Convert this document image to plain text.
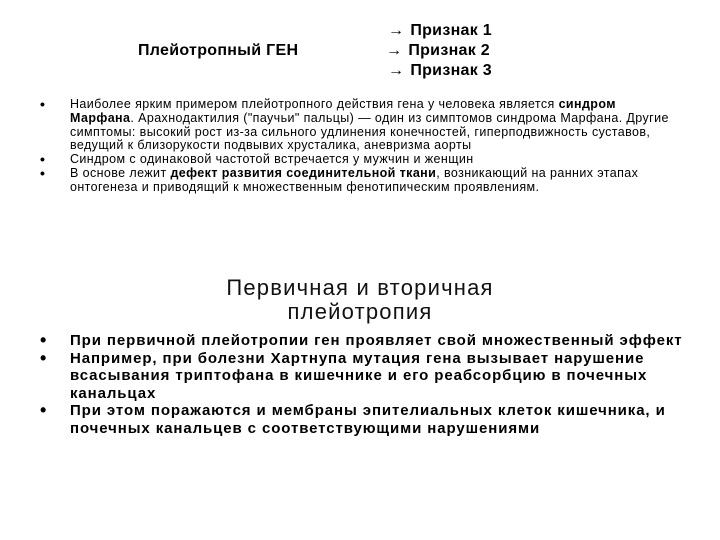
Плейотропный ГЕН
→ Признак 1
→ Признак 2
→ Признак 3
• Наиболее ярким примером плейотропного действия гена у человека является синдром Марфана. Арахнодактилия ("паучьи" пальцы) — один из симптомов синдрома Марфана. Другие симптомы: высокий рост из-за сильного удлинения конечностей, гиперподвижность суставов, ведущий к близорукости подвывих хрусталика, аневризма аорты
• Синдром с одинаковой частотой встречается у мужчин и женщин
• В основе лежит дефект развития соединительной ткани, возникающий на ранних этапах онтогенеза и приводящий к множественным фенотипическим проявлениям.
Первичная и вторичная
плейотропия
• При первичной плейотропии ген проявляет свой множественный эффект
• Например, при болезни Хартнупа мутация гена вызывает нарушение всасывания триптофана в кишечнике и его реабсорбцию в почечных канальцах
• При этом поражаются и мембраны эпителиальных клеток кишечника, и почечных канальцев с соответствующими нарушениями
